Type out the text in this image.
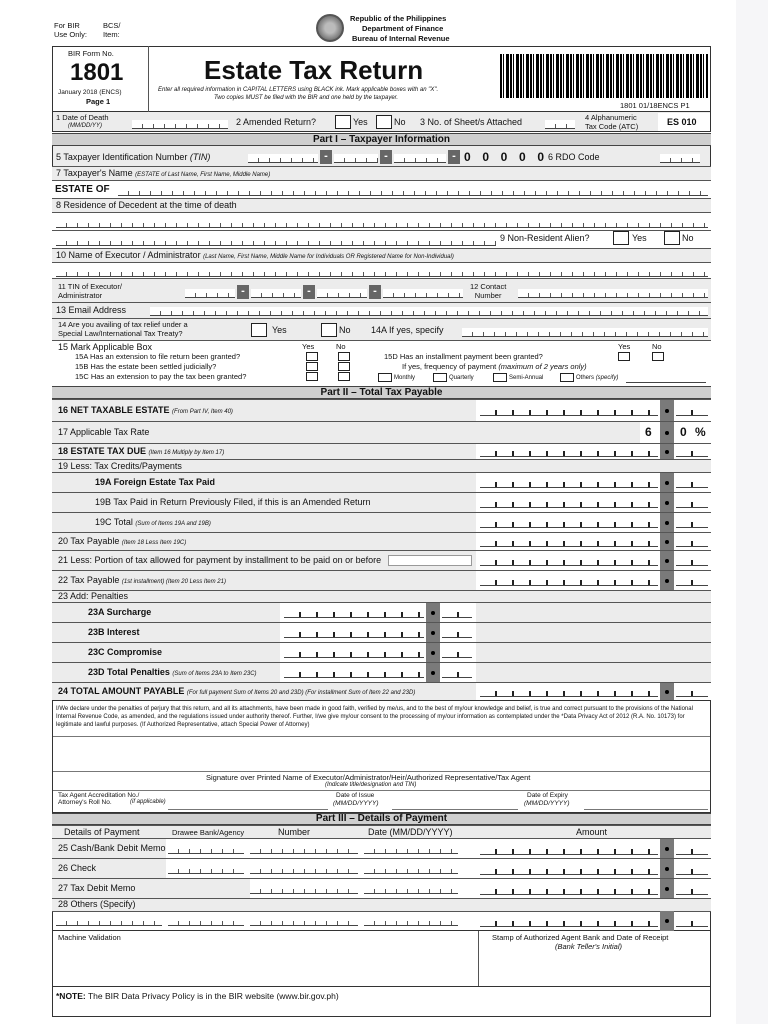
For BIR
Use Only:
BCS/
Item:
Republic of the Philippines
Department of Finance
Bureau of Internal Revenue
BIR Form No.
1801
January 2018 (ENCS)
Page 1
Estate Tax Return
Enter all required information in CAPITAL LETTERS using BLACK ink. Mark applicable boxes with an "X".
Two copies MUST be filed with the BIR and one held by the taxpayer.
1801 01/18ENCS P1
1 Date of Death
(MM/DD/YY)	2 Amended Return?	Yes	No 3 No. of Sheet/s Attached	4 Alphanumeric
Tax Code (ATC)	ES 010
Part I – Taxpayer Information
5 Taxpayer Identification Number (TIN)	-	-	- 0 0 0 0 0 6 RDO Code
7 Taxpayer's Name (ESTATE of Last Name, First Name, Middle Name)
ESTATE OF
8 Residence of Decedent at the time of death
9 Non-Resident Alien?	Yes	No
10 Name of Executor / Administrator (Last Name, First Name, Middle Name for Individuals OR Registered Name for Non-Individual)
11 TIN of Executor/
Administrator	-	-	-	12 Contact
Number
13 Email Address
14 Are you availing of tax relief under a
Special Law/International Tax Treaty?	Yes	No 14A If yes, specify
15 Mark Applicable Box	Yes	No
15A Has an extension to file return been granted?
15B Has the estate been settled judicially?
15C Has an extension to pay the tax been granted?
Yes	No
15D Has an installment payment been granted?
If yes, frequency of payment (maximum of 2 years only)
Monthly	Quarterly	Semi-Annual	Others (specify)
Part II – Total Tax Payable
16 NET TAXABLE ESTATE (From Part IV, Item 40)
17 Applicable Tax Rate	6 0 %
18 ESTATE TAX DUE (Item 16 Multiply by Item 17)
19 Less: Tax Credits/Payments
19A Foreign Estate Tax Paid
19B Tax Paid in Return Previously Filed, if this is an Amended Return
19C Total (Sum of Items 19A and 19B)
20 Tax Payable (Item 18 Less Item 19C)
21 Less: Portion of tax allowed for payment by installment to be paid on or before
22 Tax Payable (1st installment) (Item 20 Less Item 21)
23 Add: Penalties
23A Surcharge
23B Interest
23C Compromise
23D Total Penalties (Sum of Items 23A to Item 23C)
24 TOTAL AMOUNT PAYABLE (For full payment Sum of Items 20 and 23D) (For installment Sum of Item 22 and 23D)
I/We declare under the penalties of perjury that this return, and all its attachments, have been made in good faith, verified by me/us, and to the best of my/our knowledge and belief, is true and correct pursuant to the provisions of the National Internal Revenue Code, as amended, and the regulations issued under authority thereof. Further, I/we give my/our consent to the processing of my/our information as contemplated under the *Data Privacy Act of 2012 (R.A. No. 10173) for legitimate and lawful purposes. (If Authorized Representative, attach Special Power of Attorney)
Signature over Printed Name of Executor/Administrator/Heir/Authorized Representative/Tax Agent
(Indicate title/designation and TIN)
Tax Agent Accreditation No./
Attorney's Roll No.	(if applicable)
Date of Issue
(MM/DD/YYYY)
Date of Expiry
(MM/DD/YYYY)
Part III – Details of Payment
Details of Payment	Drawee Bank/Agency	Number	Date (MM/DD/YYYY)	Amount
25 Cash/Bank Debit Memo
26 Check
27 Tax Debit Memo
28 Others (Specify)
Machine Validation	Stamp of Authorized Agent Bank and Date of Receipt
(Bank Teller's Initial)
*NOTE: The BIR Data Privacy Policy is in the BIR website (www.bir.gov.ph)
